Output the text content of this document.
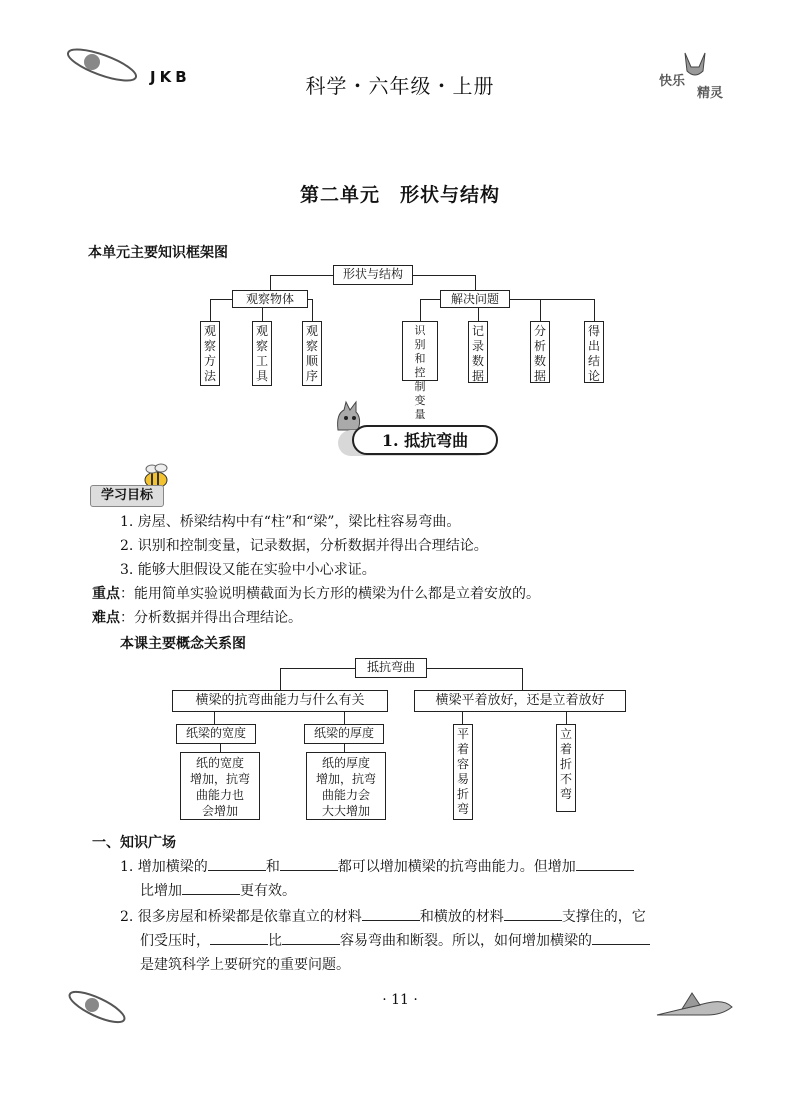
JKB	科学・六年级・上册	快乐
精灵
第二单元　形状与结构
本单元主要知识框架图
形状与结构
观察物体	解决问题
观
察
方
法
观
察
工
具
观
察
顺
序
识
别
和
控
制
变
量
记
录
数
据
分
析
数
据
得
出
结
论
1. 抵抗弯曲
学习目标
1. 房屋、桥梁结构中有“柱”和“梁”，梁比柱容易弯曲。
2. 识别和控制变量，记录数据，分析数据并得出合理结论。
3. 能够大胆假设又能在实验中小心求证。
重点：能用简单实验说明横截面为长方形的横梁为什么都是立着安放的。
难点：分析数据并得出合理结论。
本课主要概念关系图
抵抗弯曲
横梁的抗弯曲能力与什么有关	横梁平着放好，还是立着放好
纸梁的宽度	纸梁的厚度
纸的宽度
增加，抗弯
曲能力也
会增加
纸的厚度
增加，抗弯
曲能力会
大大增加
平
着
容
易
折
弯
立
着
折
不
弯
一、知识广场
1. 增加横梁的	和	都可以增加横梁的抗弯曲能力。但增加
比增加	更有效。
2. 很多房屋和桥梁都是依靠直立的材料	和横放的材料	支撑住的，它
们受压时，	比	容易弯曲和断裂。所以，如何增加横梁的
是建筑科学上要研究的重要问题。
· 11 ·
